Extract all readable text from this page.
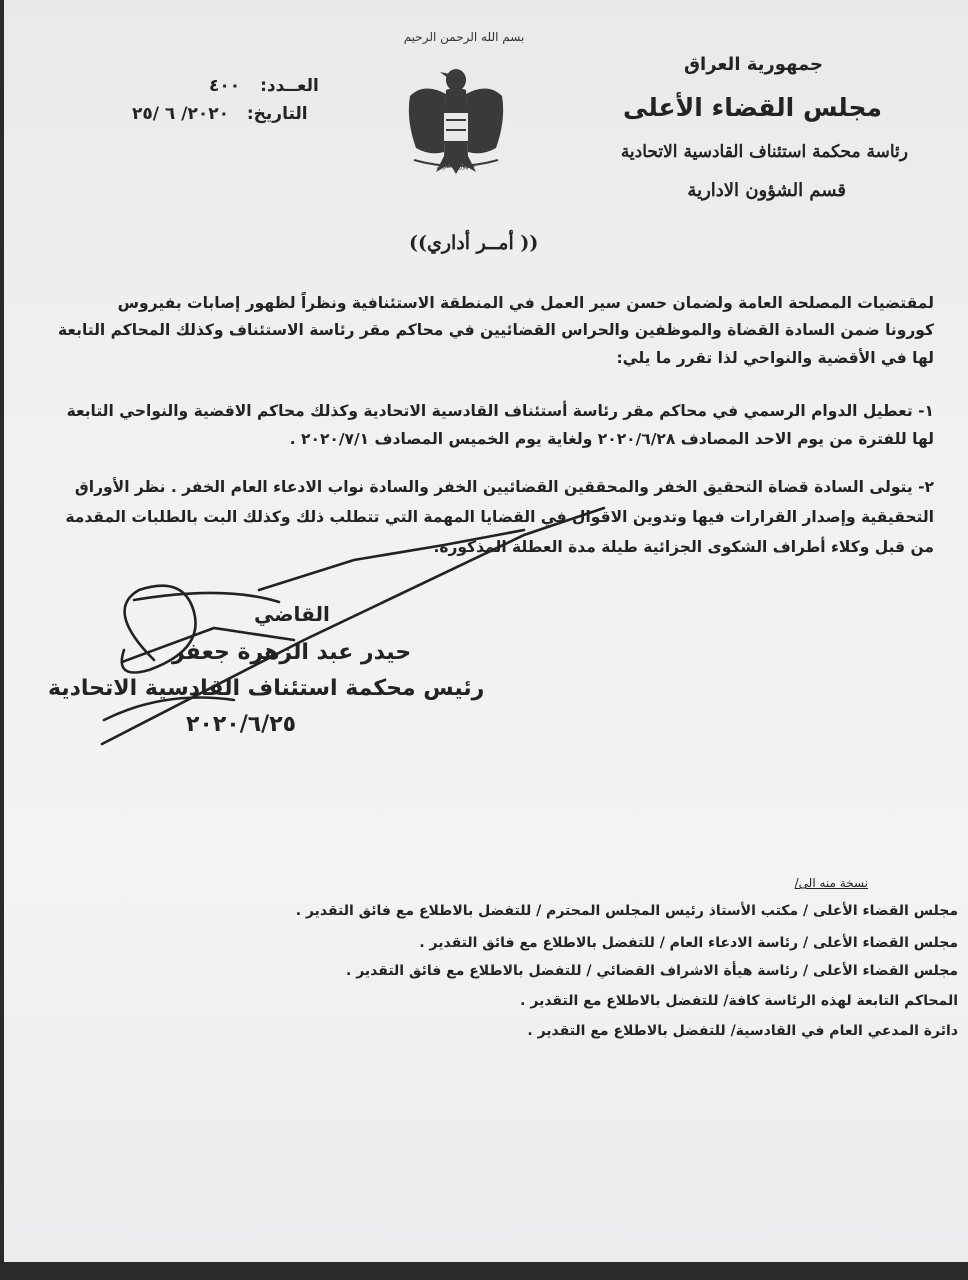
بسم الله الرحمن الرحيم
جمهورية العراق
مجلس القضاء الأعلى
رئاسة محكمة استئناف القادسية الاتحادية
قسم الشؤون الادارية
العــدد: ٤٠٠
التاريخ: ٢٠٢٠/ ٦ /٢٥
جمهورية العراق
(( أمــر أداري))
لمقتضيات المصلحة العامة ولضمان حسن سير العمل في المنطقة الاستئنافية ونظراً لظهور إصابات بفيروس
كورونا ضمن السادة القضاة والموظفين والحراس القضائيين في محاكم مقر رئاسة الاستئناف وكذلك المحاكم التابعة
لها في الأقضية والنواحي لذا تقرر ما يلي:
١- تعطيل الدوام الرسمي في محاكم مقر رئاسة أستئناف القادسية الاتحادية وكذلك محاكم الاقضية والنواحي التابعة
لها للفترة من يوم الاحد المصادف ٢٠٢٠/٦/٢٨ ولغاية يوم الخميس المصادف ٢٠٢٠/٧/١ .
٢- يتولى السادة قضاة التحقيق الخفر والمحققين القضائيين الخفر والسادة نواب الادعاء العام الخفر . نظر الأوراق
التحقيقية وإصدار القرارات فيها وتدوين الاقوال في القضايا المهمة التي تتطلب ذلك وكذلك البت بالطلبات المقدمة
من قبل وكلاء أطراف الشكوى الجزائية طيلة مدة العطلة المذكورة.
القاضي
حيدر عبد الزهرة جعفر
رئيس محكمة استئناف القادسية الاتحادية
٢٠٢٠/٦/٢٥
نسخة منه الى/
مجلس القضاء الأعلى / مكتب الأستاذ رئيس المجلس المحترم / للتفضل بالاطلاع مع فائق التقدير .
مجلس القضاء الأعلى / رئاسة الادعاء العام / للتفضل بالاطلاع مع فائق التقدير .
مجلس القضاء الأعلى / رئاسة هيأة الاشراف القضائي / للتفضل بالاطلاع مع فائق التقدير .
المحاكم التابعة لهذه الرئاسة كافة/ للتفضل بالاطلاع مع التقدير .
دائرة المدعي العام في القادسية/ للتفضل بالاطلاع مع التقدير .
